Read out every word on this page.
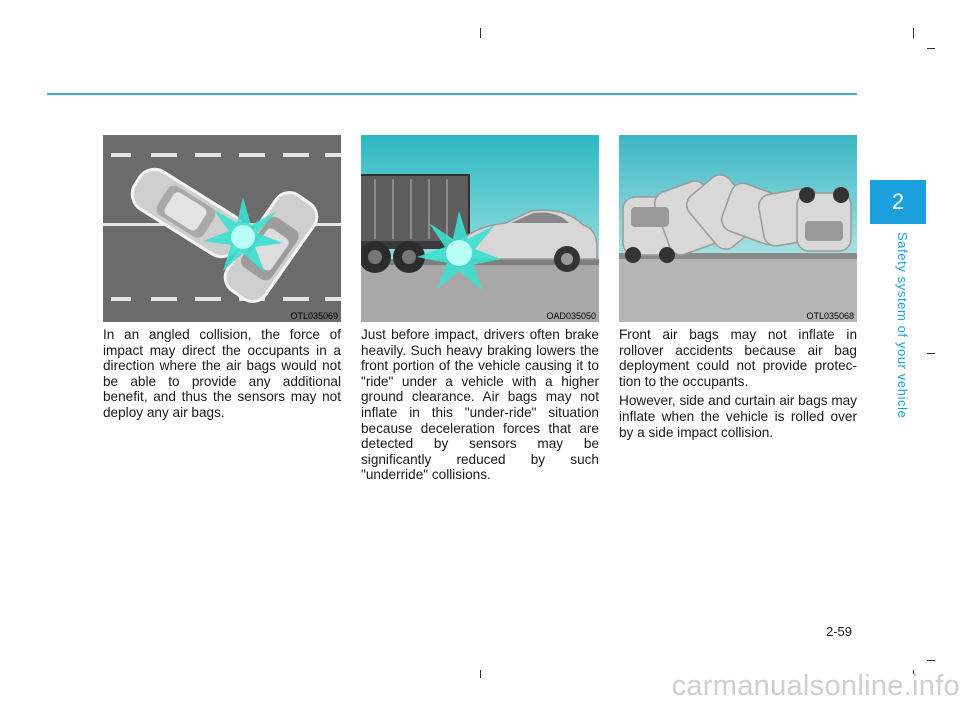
2
Safety system of your vehicle
OTL035069	OAD035050	OTL035068

In an angled collision, the force of impact may direct the occupants in a direction where the air bags would not be able to provide any additional benefit, and thus the sensors may not deploy any air bags.

Just before impact, drivers often brake heavily. Such heavy braking lowers the front portion of the vehicle causing it to "ride" under a vehicle with a higher ground clearance. Air bags may not inflate in this "under-ride" situation because deceleration forces that are detected by sensors may be significantly reduced by such "underride" collisions.

Front air bags may not inflate in rollover accidents because air bag deployment could not provide protec-tion to the occupants.

However, side and curtain air bags may inflate when the vehicle is rolled over by a side impact collision.

2-59
carmanualsonline.info
